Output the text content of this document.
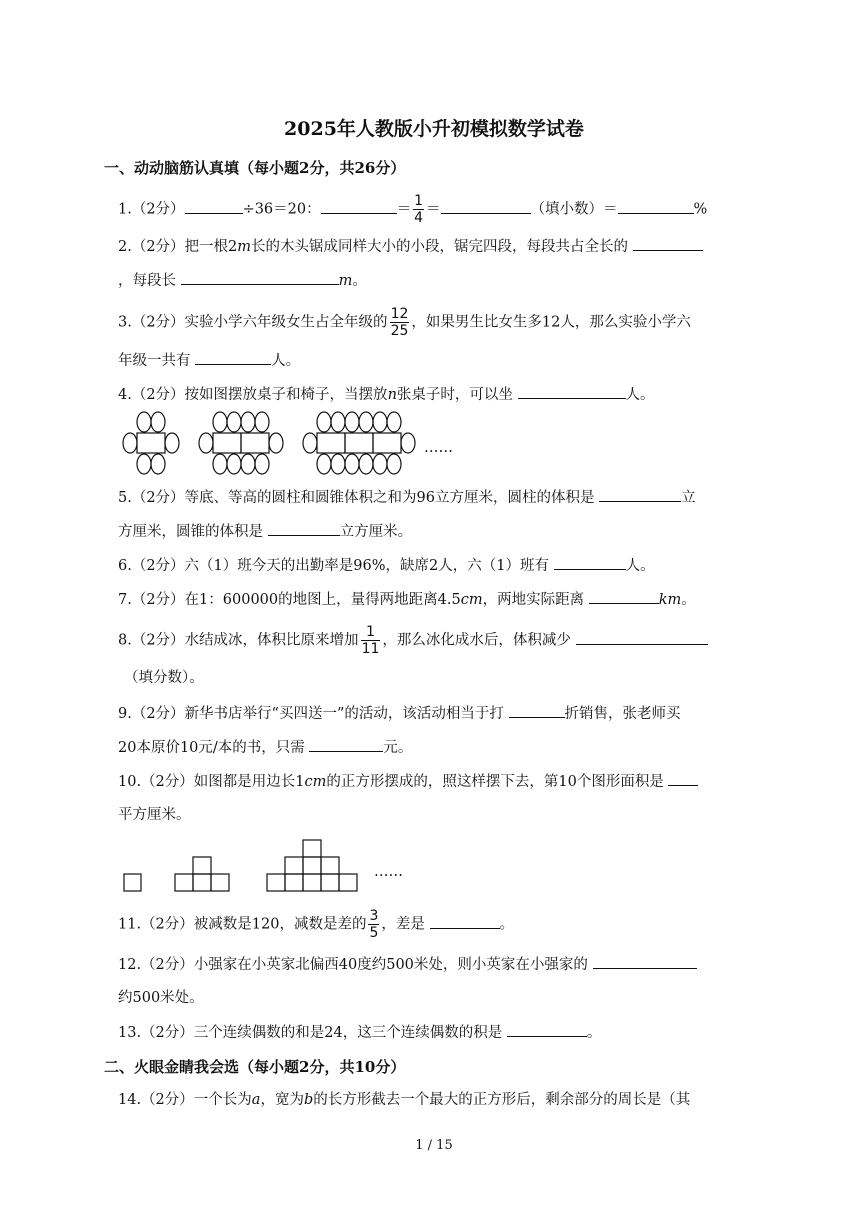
2025年人教版小升初模拟数学试卷
一、动动脑筋认真填（每小题2分，共26分）
1.（2分）	÷36＝20：	＝ $\frac{1}{4}$ ＝	（填小数）＝	%
2.（2分）把一根2m长的木头锯成同样大小的小段，锯完四段，每段共占全长的
，每段长	m。
3.（2分）实验小学六年级女生占全年级的 $\frac{12}{25}$ ，如果男生比女生多12人，那么实验小学六
年级一共有	人。
4.（2分）按如图摆放桌子和椅子，当摆放n张桌子时，可以坐	人。
……
5.（2分）等底、等高的圆柱和圆锥体积之和为96立方厘米，圆柱的体积是	立
方厘米，圆锥的体积是	立方厘米。
6.（2分）六（1）班今天的出勤率是96%，缺席2人，六（1）班有	人。
7.（2分）在1：600000的地图上，量得两地距离4.5cm，两地实际距离	km。
8.（2分）水结成冰，体积比原来增加 $\frac{1}{11}$ ，那么冰化成水后，体积减少
（填分数）。
9.（2分）新华书店举行“买四送一”的活动，该活动相当于打	折销售，张老师买
20本原价10元/本的书，只需	元。
10.（2分）如图都是用边长1cm的正方形摆成的，照这样摆下去，第10个图形面积是
平方厘米。
……
11.（2分）被减数是120，减数是差的 $\frac{3}{5}$ ，差是	。
12.（2分）小强家在小英家北偏西40度约500米处，则小英家在小强家的
约500米处。
13.（2分）三个连续偶数的和是24，这三个连续偶数的积是	。
二、火眼金睛我会选（每小题2分，共10分）
14.（2分）一个长为a，宽为b的长方形截去一个最大的正方形后，剩余部分的周长是（其
1 / 15
